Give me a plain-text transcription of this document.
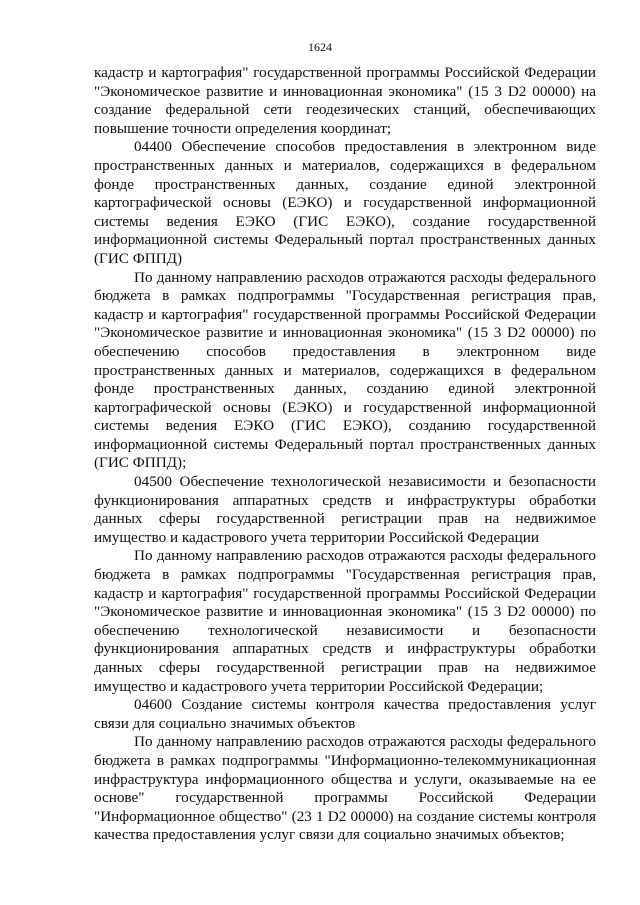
1624

кадастр и картография" государственной программы Российской Федерации "Экономическое развитие и инновационная экономика" (15 3 D2 00000) на создание федеральной сети геодезических станций, обеспечивающих повышение точности определения координат;

04400 Обеспечение способов предоставления в электронном виде пространственных данных и материалов, содержащихся в федеральном фонде пространственных данных, создание единой электронной картографической основы (ЕЭКО) и государственной информационной системы ведения ЕЭКО (ГИС ЕЭКО), создание государственной информационной системы Федеральный портал пространственных данных (ГИС ФППД)

По данному направлению расходов отражаются расходы федерального бюджета в рамках подпрограммы "Государственная регистрация прав, кадастр и картография" государственной программы Российской Федерации "Экономическое развитие и инновационная экономика" (15 3 D2 00000) по обеспечению способов предоставления в электронном виде пространственных данных и материалов, содержащихся в федеральном фонде пространственных данных, созданию единой электронной картографической основы (ЕЭКО) и государственной информационной системы ведения ЕЭКО (ГИС ЕЭКО), созданию государственной информационной системы Федеральный портал пространственных данных (ГИС ФППД);

04500 Обеспечение технологической независимости и безопасности функционирования аппаратных средств и инфраструктуры обработки данных сферы государственной регистрации прав на недвижимое имущество и кадастрового учета территории Российской Федерации

По данному направлению расходов отражаются расходы федерального бюджета в рамках подпрограммы "Государственная регистрация прав, кадастр и картография" государственной программы Российской Федерации "Экономическое развитие и инновационная экономика" (15 3 D2 00000) по обеспечению технологической независимости и безопасности функционирования аппаратных средств и инфраструктуры обработки данных сферы государственной регистрации прав на недвижимое имущество и кадастрового учета территории Российской Федерации;

04600 Создание системы контроля качества предоставления услуг связи для социально значимых объектов

По данному направлению расходов отражаются расходы федерального бюджета в рамках подпрограммы "Информационно-телекоммуникационная инфраструктура информационного общества и услуги, оказываемые на ее основе" государственной программы Российской Федерации "Информационное общество" (23 1 D2 00000) на создание системы контроля качества предоставления услуг связи для социально значимых объектов;
